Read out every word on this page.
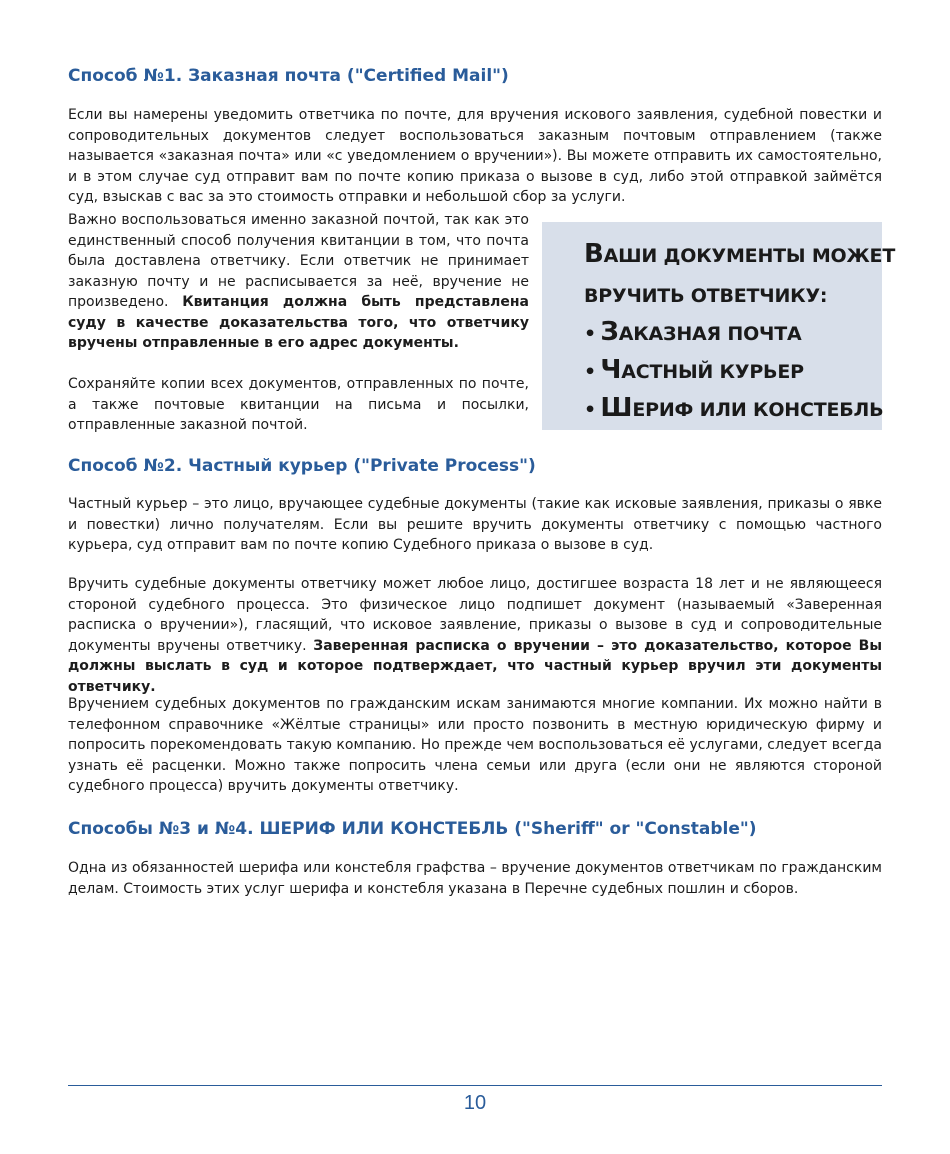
Способ №1. Заказная почта ("Certified Mail")

Если вы намерены уведомить ответчика по почте, для вручения искового заявления, судебной повестки и сопроводительных документов следует воспользоваться заказным почтовым отправлением (также называется «заказная почта» или «с уведомлением о вручении»). Вы можете отправить их самостоятельно, и в этом случае суд отправит вам по почте копию приказа о вызове в суд, либо этой отправкой займётся суд, взыскав с вас за это стоимость отправки и небольшой сбор за услуги.

Важно воспользоваться именно заказной почтой, так как это единственный способ получения квитанции в том, что почта была доставлена ответчику. Если ответчик не принимает заказную почту и не расписывается за неё, вручение не произведено. Квитанция должна быть представлена суду в качестве доказательства того, что ответчику вручены отправленные в его адрес документы.

Сохраняйте копии всех документов, отправленных по почте, а также почтовые квитанции на письма и посылки, отправленные заказной почтой.

ВАШИ ДОКУМЕНТЫ МОЖЕТ
ВРУЧИТЬ ОТВЕТЧИКУ:
• ЗАКАЗНАЯ ПОЧТА
• ЧАСТНЫЙ КУРЬЕР
• ШЕРИФ ИЛИ КОНСТЕБЛЬ
Способ №2. Частный курьер ("Private Process")

Частный курьер – это лицо, вручающее судебные документы (такие как исковые заявления, приказы о явке и повестки) лично получателям. Если вы решите вручить документы ответчику с помощью частного курьера, суд отправит вам по почте копию Судебного приказа о вызове в суд.

Вручить судебные документы ответчику может любое лицо, достигшее возраста 18 лет и не являющееся стороной судебного процесса. Это физическое лицо подпишет документ (называемый «Заверенная расписка о вручении»), гласящий, что исковое заявление, приказы о вызове в суд и сопроводительные документы вручены ответчику. Заверенная расписка о вручении – это доказательство, которое Вы должны выслать в суд и которое подтверждает, что частный курьер вручил эти документы ответчику.

Вручением судебных документов по гражданским искам занимаются многие компании. Их можно найти в телефонном справочнике «Жёлтые страницы» или просто позвонить в местную юридическую фирму и попросить порекомендовать такую компанию. Но прежде чем воспользоваться её услугами, следует всегда узнать её расценки. Можно также попросить члена семьи или друга (если они не являются стороной судебного процесса) вручить документы ответчику.

Способы №3 и №4. ШЕРИФ ИЛИ КОНСТЕБЛЬ ("Sheriff" or "Constable")

Одна из обязанностей шерифа или констебля графства – вручение документов ответчикам по гражданским делам. Стоимость этих услуг шерифа и констебля указана в Перечне судебных пошлин и сборов.

10
